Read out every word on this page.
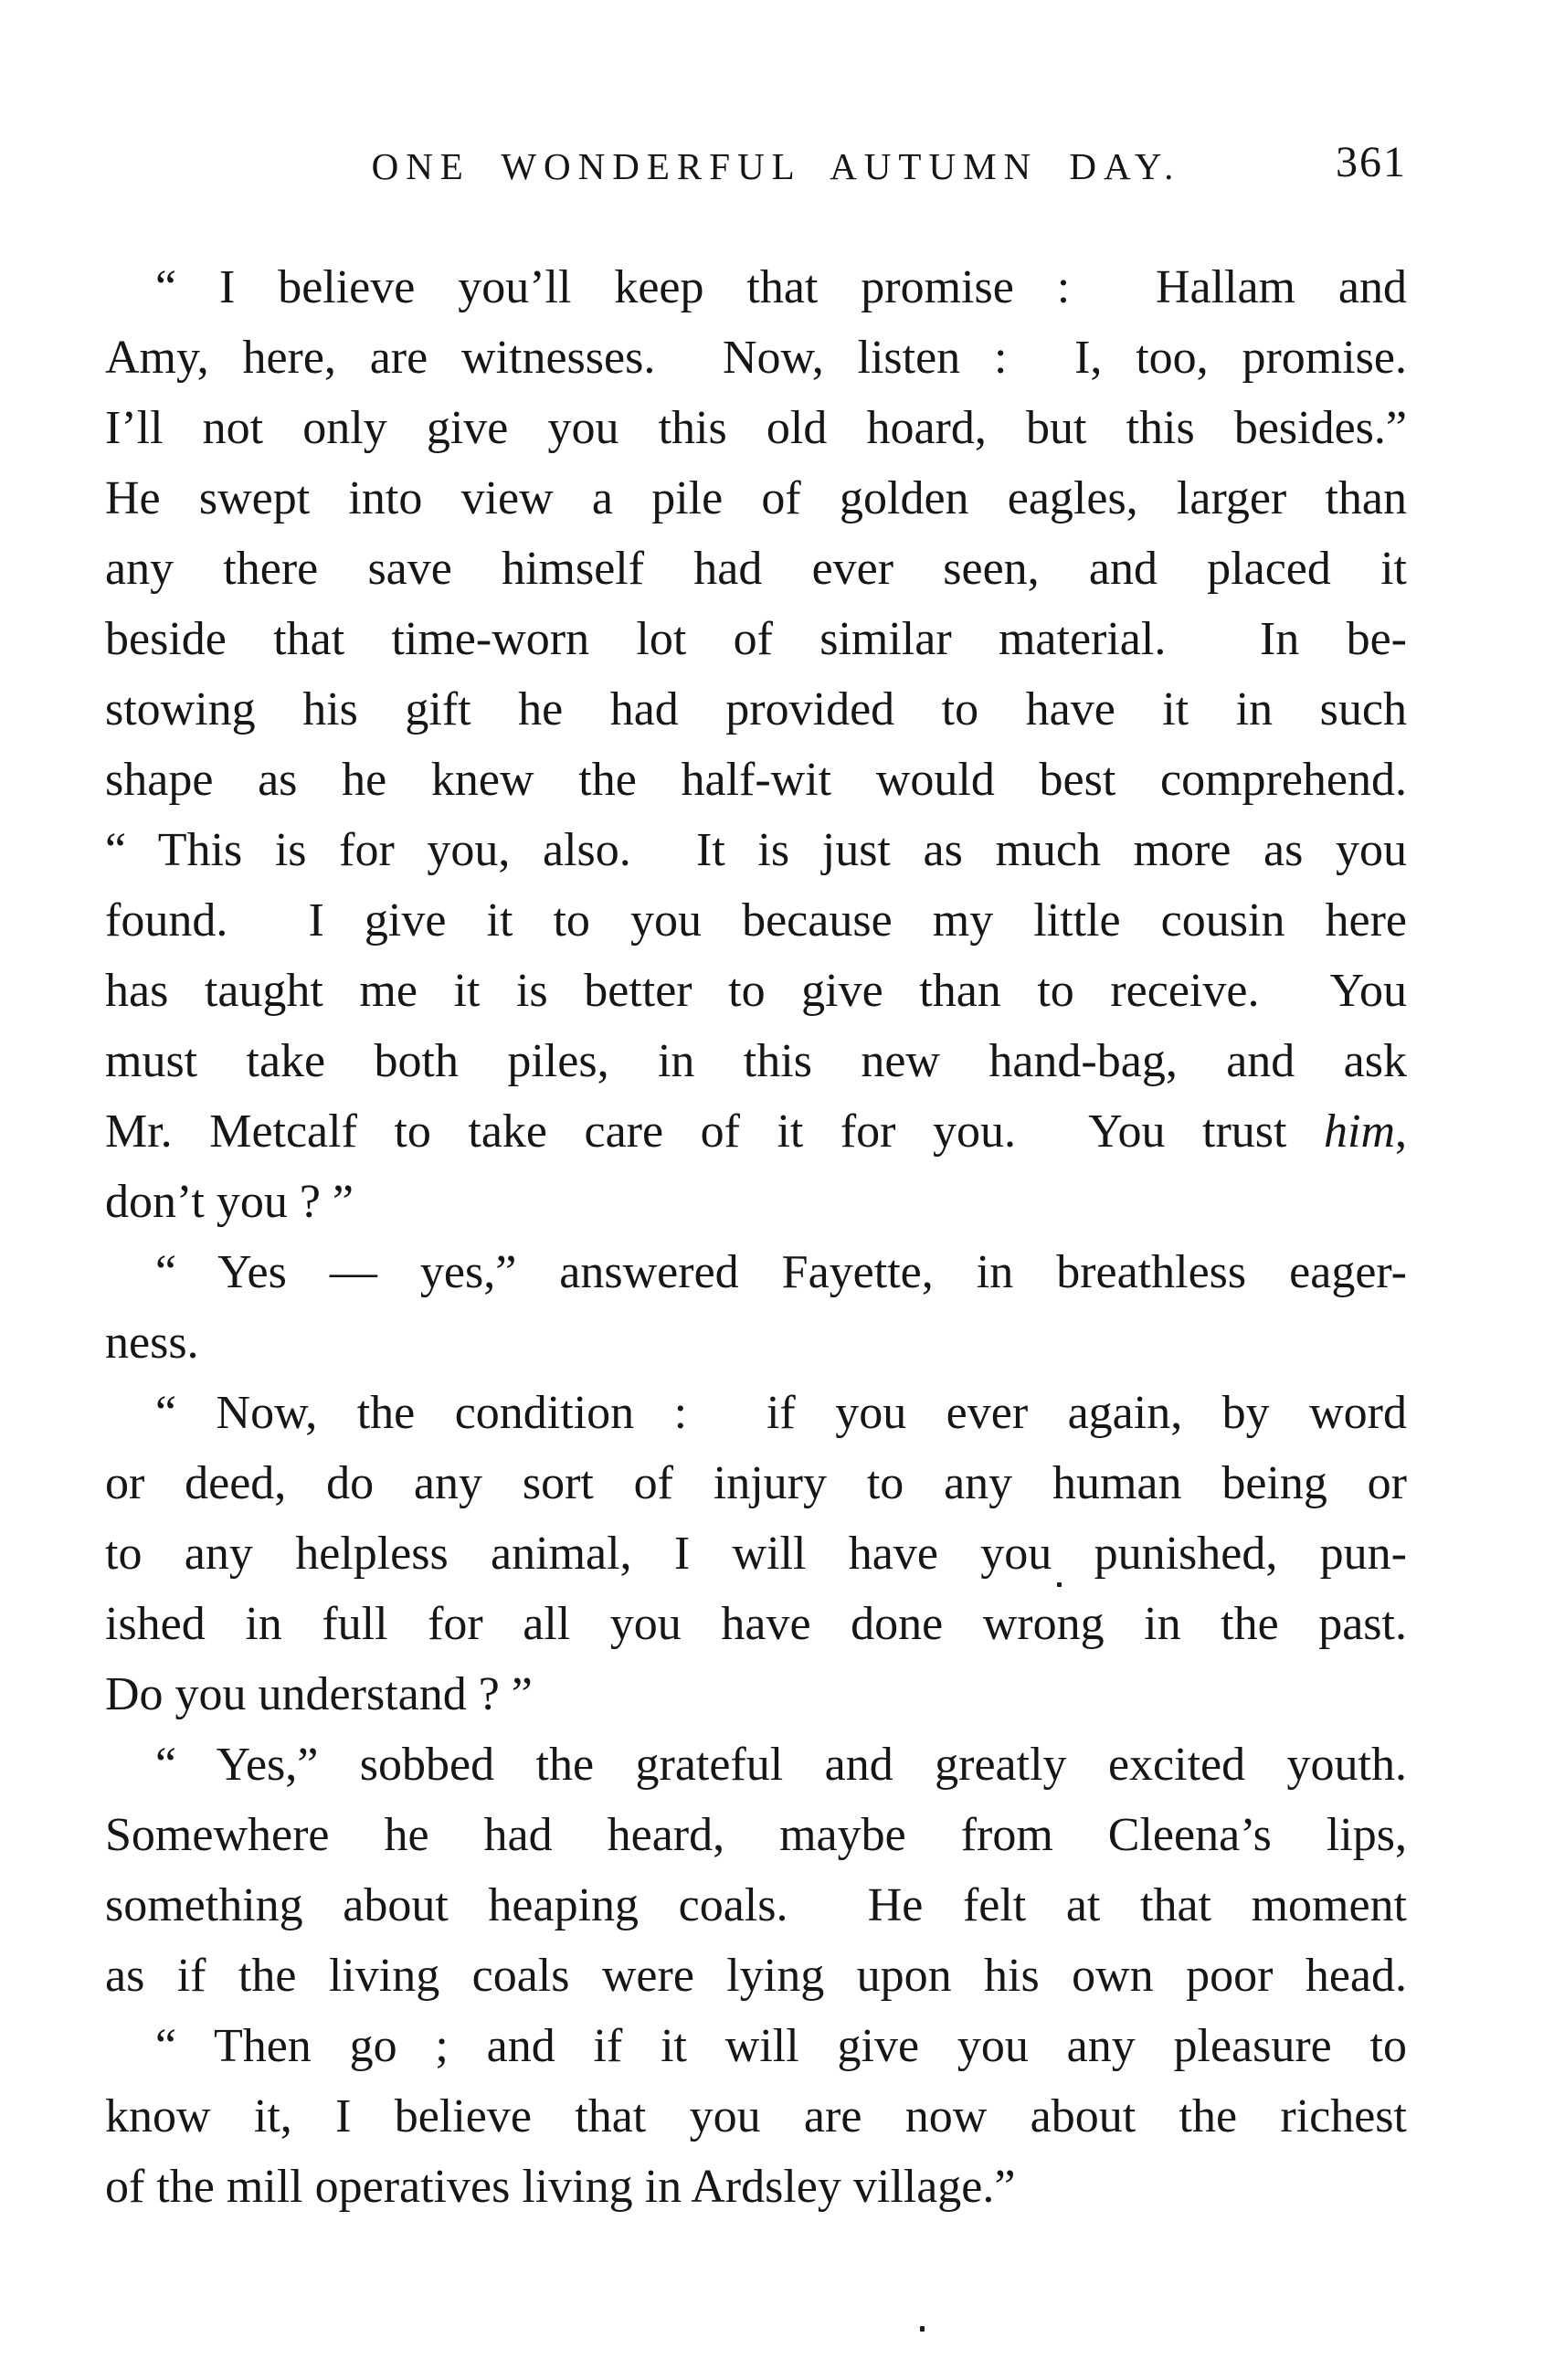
ONE WONDERFUL AUTUMN DAY.	361
“ I believe you’ll keep that promise :  Hallam and
Amy, here, are witnesses.  Now, listen :  I, too, promise.
I’ll not only give you this old hoard, but this besides.”
He swept into view a pile of golden eagles, larger than
any there save himself had ever seen, and placed it
beside that time-worn lot of similar material.  In be-
stowing his gift he had provided to have it in such
shape as he knew the half-wit would best comprehend.
“ This is for you, also.  It is just as much more as you
found.  I give it to you because my little cousin here
has taught me it is better to give than to receive.  You
must take both piles, in this new hand-bag, and ask
Mr. Metcalf to take care of it for you.  You trust him,
don’t you ? ”
“ Yes — yes,” answered Fayette, in breathless eager-
ness.
“ Now, the condition :  if you ever again, by word
or deed, do any sort of injury to any human being or
to any helpless animal, I will have you punished, pun-
ished in full for all you have done wrong in the past.
Do you understand ? ”
“ Yes,” sobbed the grateful and greatly excited youth.
Somewhere he had heard, maybe from Cleena’s lips,
something about heaping coals.  He felt at that moment
as if the living coals were lying upon his own poor head.
“ Then go ; and if it will give you any pleasure to
know it, I believe that you are now about the richest
of the mill operatives living in Ardsley village.”
